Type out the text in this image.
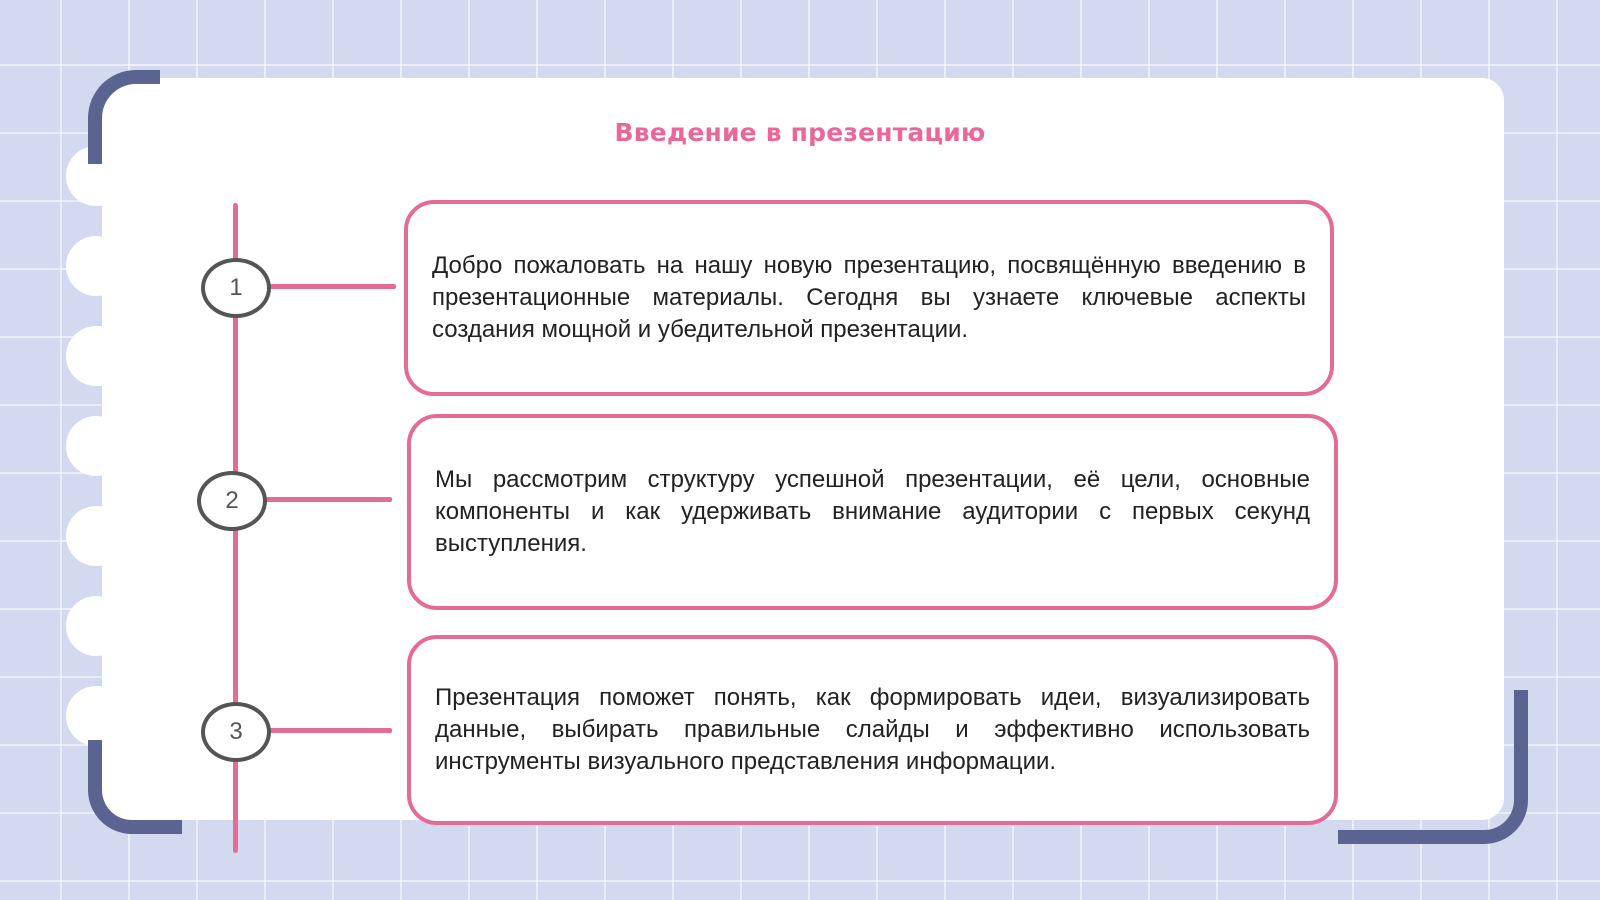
Введение в презентацию
1

Добро пожаловать на нашу новую презентацию, посвящённую введению в презентационные материалы. Сегодня вы узнаете ключевые аспекты создания мощной и убедительной презентации.

2

Мы рассмотрим структуру успешной презентации, её цели, основные компоненты и как удерживать внимание аудитории с первых секунд выступления.

3

Презентация поможет понять, как формировать идеи, визуализировать данные, выбирать правильные слайды и эффективно использовать инструменты визуального представления информации.
